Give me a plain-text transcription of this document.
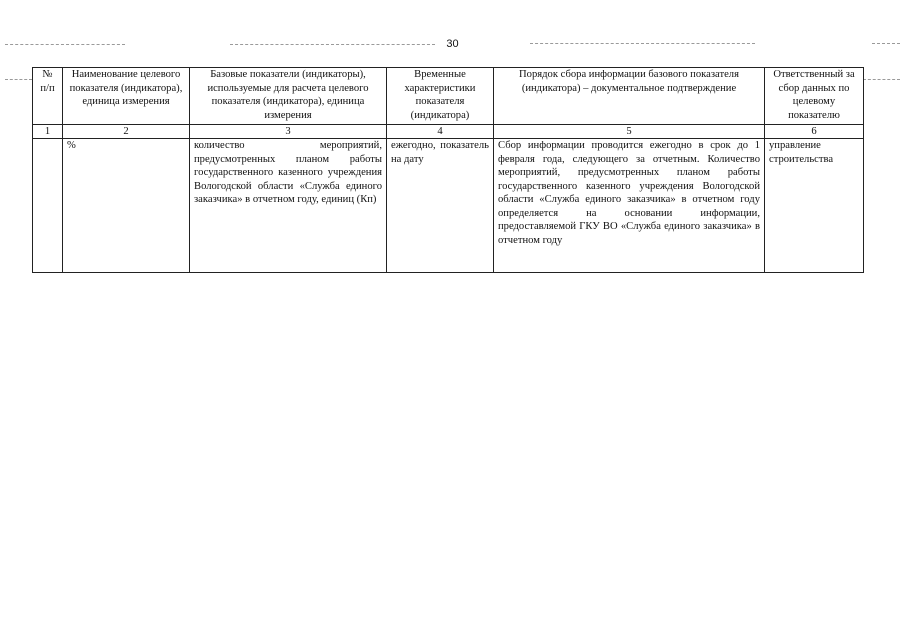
30
№ п/п	Наименование целевого показателя (индикатора), единица измерения	Базовые показатели (индикаторы), используемые для расчета целевого показателя (индикатора), единица измерения	Временные характеристики показателя (индикатора)	Порядок сбора информации базового показателя (индикатора) – документальное подтверждение	Ответственный за сбор данных по целевому показателю
1	2	3	4	5	6
	%	количество мероприятий, предусмотренных планом работы государственного казенного учреждения Вологодской области «Служба единого заказчика» в отчетном году, единиц (Кп)	ежегодно, показатель на дату	Сбор информации проводится ежегодно в срок до 1 февраля года, следующего за отчетным. Количество мероприятий, предусмотренных планом работы государственного казенного учреждения Вологодской области «Служба единого заказчика» в отчетном году определяется на основании информации, предоставляемой ГКУ ВО «Служба единого заказчика» в отчетном году	управление строительства
